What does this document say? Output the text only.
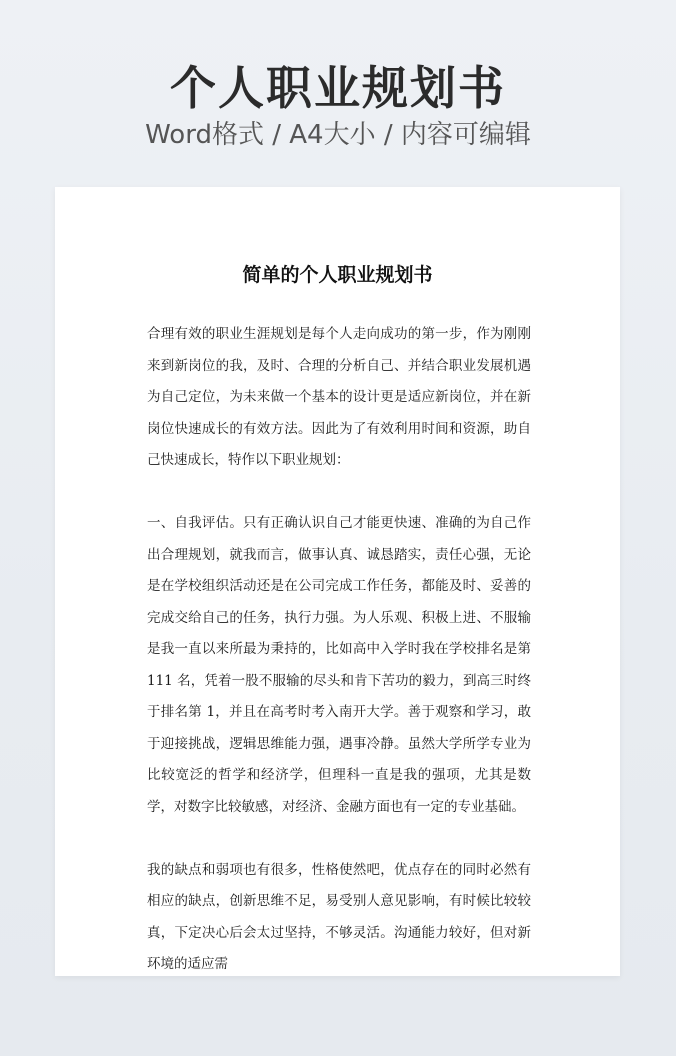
个人职业规划书
Word格式 / A4大小 / 内容可编辑
简单的个人职业规划书

合理有效的职业生涯规划是每个人走向成功的第一步，作为刚刚来到新岗位的我，及时、合理的分析自己、并结合职业发展机遇为自己定位，为未来做一个基本的设计更是适应新岗位，并在新岗位快速成长的有效方法。因此为了有效利用时间和资源，助自己快速成长，特作以下职业规划：

一、自我评估。只有正确认识自己才能更快速、准确的为自己作出合理规划，就我而言，做事认真、诚恳踏实，责任心强，无论是在学校组织活动还是在公司完成工作任务，都能及时、妥善的完成交给自己的任务，执行力强。为人乐观、积极上进、不服输是我一直以来所最为秉持的，比如高中入学时我在学校排名是第 111 名，凭着一股不服输的尽头和肯下苦功的毅力，到高三时终于排名第 1，并且在高考时考入南开大学。善于观察和学习，敢于迎接挑战，逻辑思维能力强，遇事冷静。虽然大学所学专业为比较宽泛的哲学和经济学，但理科一直是我的强项，尤其是数学，对数字比较敏感，对经济、金融方面也有一定的专业基础。

我的缺点和弱项也有很多，性格使然吧，优点存在的同时必然有相应的缺点，创新思维不足，易受别人意见影响，有时候比较较真，下定决心后会太过坚持，不够灵活。沟通能力较好，但对新环境的适应需
